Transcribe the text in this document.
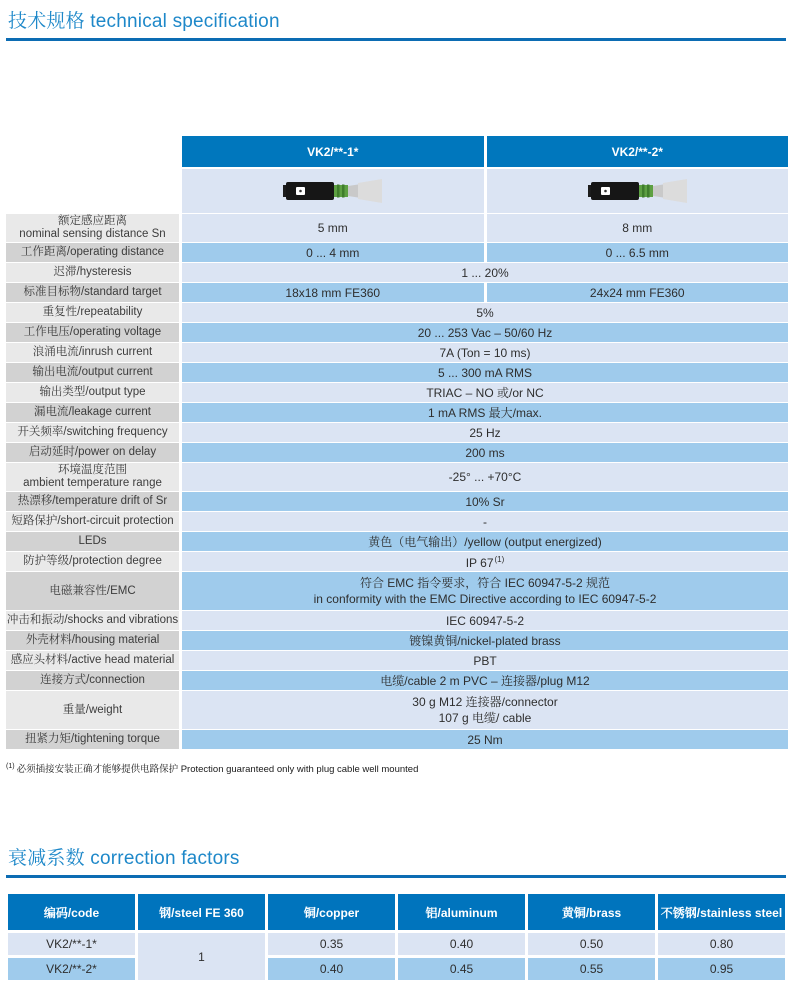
技术规格 technical specification
VK2/**-1*	VK2/**-2*
额定感应距离
nominal sensing distance Sn	5 mm	8 mm
工作距离/operating distance	0 ... 4 mm	0 ... 6.5 mm
迟滞/hysteresis	1 ... 20%
标准目标物/standard target	18x18 mm FE360	24x24 mm FE360
重复性/repeatability	5%
工作电压/operating voltage	20 ... 253 Vac – 50/60 Hz
浪涌电流/inrush current	7A (Ton = 10 ms)
输出电流/output current	5 ... 300 mA RMS
输出类型/output type	TRIAC – NO 或/or NC
漏电流/leakage current	1 mA RMS 最大/max.
开关频率/switching frequency	25 Hz
启动延时/power on delay	200 ms
环境温度范围
ambient temperature range	-25° ... +70°C
热漂移/temperature drift of Sr	10% Sr
短路保护/short-circuit protection	-
LEDs	黄色（电气输出）/yellow (output energized)
防护等级/protection degree	IP 67$^{(1)}$
电磁兼容性/EMC
符合 EMC 指令要求，符合 IEC 60947-5-2 规范
in conformity with the EMC Directive according to IEC 60947-5-2
冲击和振动/shocks and vibrations	IEC 60947-5-2
外壳材料/housing material	镀镍黄铜/nickel-plated brass
感应头材料/active head material	PBT
连接方式/connection	电缆/cable 2 m PVC – 连接器/plug M12
重量/weight
30 g M12 连接器/connector
107 g 电缆/ cable
扭紧力矩/tightening torque	25 Nm
$^{(1)}$ 必须插接安装正确才能够提供电路保护 Protection guaranteed only with plug cable well mounted
衰减系数 correction factors
编码/code	钢/steel FE 360	铜/copper	铝/aluminum	黄铜/brass	不锈钢/stainless steel
VK2/**-1*	1	0.35	0.40	0.50	0.80
VK2/**-2*		0.40	0.45	0.55	0.95
